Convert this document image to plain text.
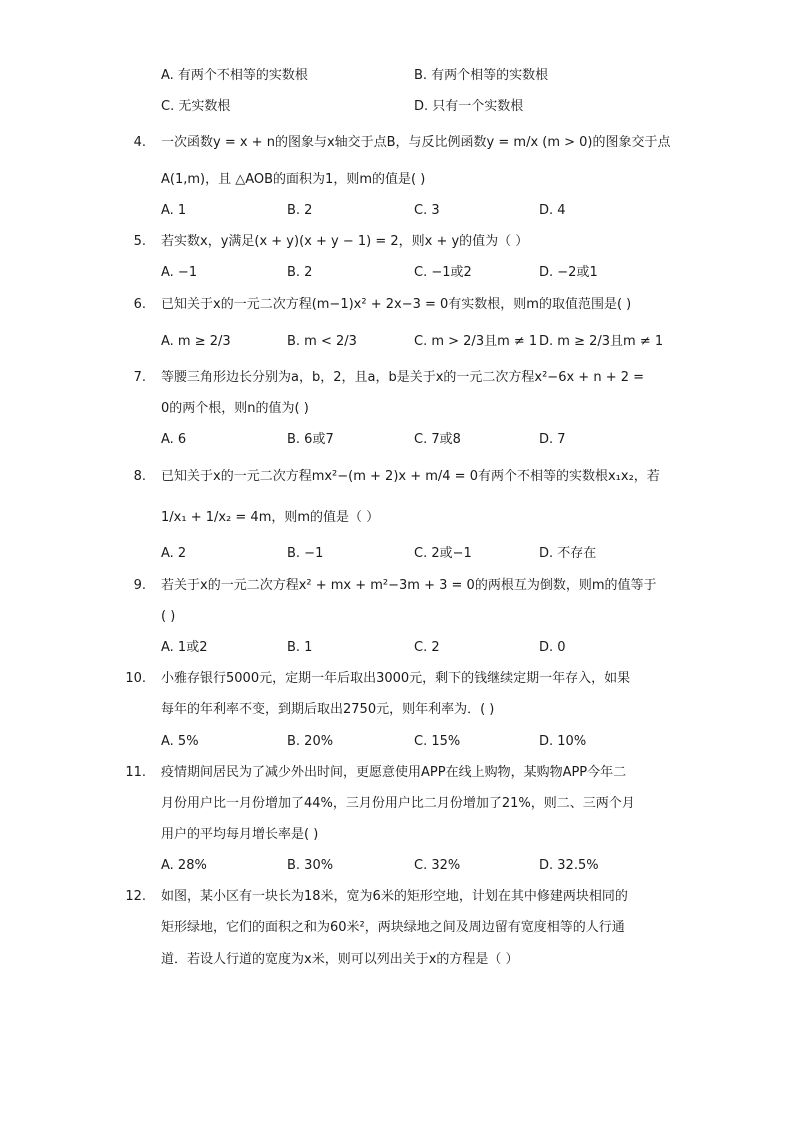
A. 有两个不相等的实数根	B. 有两个相等的实数根
C. 无实数根	D. 只有一个实数根
4. 一次函数y = x + n的图象与x轴交于点B，与反比例函数y = m/x (m > 0)的图象交于点
A(1,m)，且 △AOB的面积为1，则m的值是( )
A. 1	B. 2	C. 3	D. 4
5. 若实数x，y满足(x + y)(x + y − 1) = 2，则x + y的值为（ ）
A. −1	B. 2	C. −1或2	D. −2或1
6. 已知关于x的一元二次方程(m−1)x² + 2x−3 = 0有实数根，则m的取值范围是( )
A. m ≥ 2/3	B. m < 2/3	C. m > 2/3且m ≠ 1 D. m ≥ 2/3且m ≠ 1
7. 等腰三角形边长分别为a，b，2，且a，b是关于x的一元二次方程x²−6x + n + 2 =
0的两个根，则n的值为( )
A. 6	B. 6或7	C. 7或8	D. 7
8. 已知关于x的一元二次方程mx²−(m + 2)x + m/4 = 0有两个不相等的实数根x₁x₂，若
1/x₁ + 1/x₂ = 4m，则m的值是（ ）
A. 2	B. −1	C. 2或−1	D. 不存在
9. 若关于x的一元二次方程x² + mx + m²−3m + 3 = 0的两根互为倒数，则m的值等于
( )
A. 1或2	B. 1	C. 2	D. 0
10. 小雅存银行5000元，定期一年后取出3000元，剩下的钱继续定期一年存入，如果
每年的年利率不变，到期后取出2750元，则年利率为．( )
A. 5%	B. 20%	C. 15%	D. 10%
11. 疫情期间居民为了减少外出时间，更愿意使用APP在线上购物，某购物APP今年二
月份用户比一月份增加了44%，三月份用户比二月份增加了21%，则二、三两个月
用户的平均每月增长率是( )
A. 28%	B. 30%	C. 32%	D. 32.5%
12. 如图，某小区有一块长为18米，宽为6米的矩形空地，计划在其中修建两块相同的
矩形绿地，它们的面积之和为60米²，两块绿地之间及周边留有宽度相等的人行通
道．若设人行道的宽度为x米，则可以列出关于x的方程是（ ）
